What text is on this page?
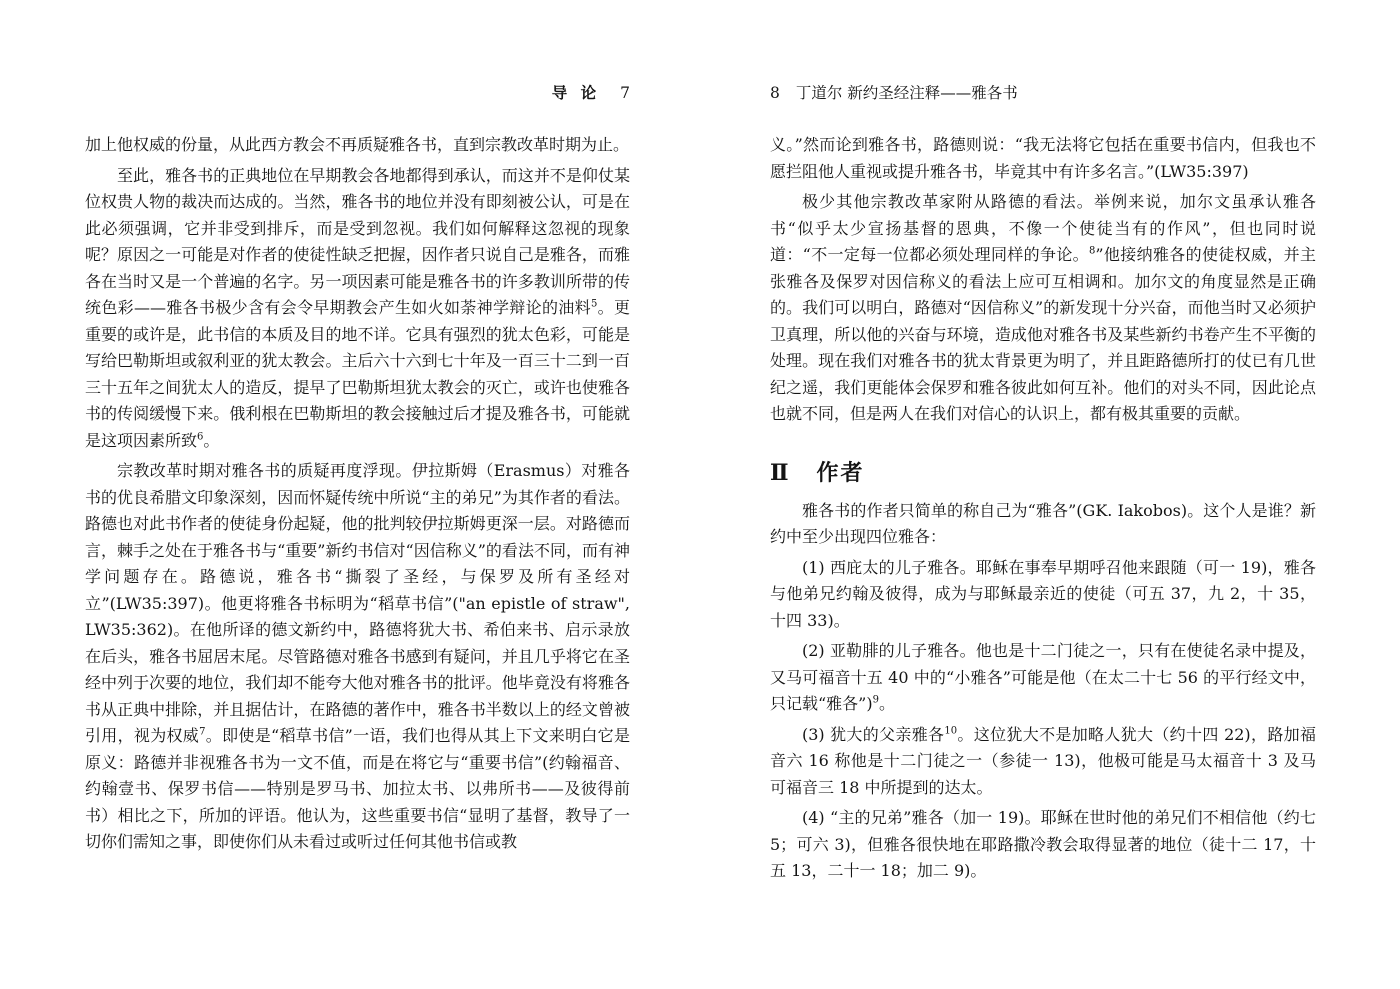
导 论 7

加上他权威的份量，从此西方教会不再质疑雅各书，直到宗教改革时期为止。

至此，雅各书的正典地位在早期教会各地都得到承认，而这并不是仰仗某位权贵人物的裁决而达成的。当然，雅各书的地位并没有即刻被公认，可是在此必须强调，它并非受到排斥，而是受到忽视。我们如何解释这忽视的现象呢？原因之一可能是对作者的使徒性缺乏把握，因作者只说自己是雅各，而雅各在当时又是一个普遍的名字。另一项因素可能是雅各书的许多教训所带的传统色彩——雅各书极少含有会令早期教会产生如火如荼神学辩论的油料$^5$。更重要的或许是，此书信的本质及目的地不详。它具有强烈的犹太色彩，可能是写给巴勒斯坦或叙利亚的犹太教会。主后六十六到七十年及一百三十二到一百三十五年之间犹太人的造反，提早了巴勒斯坦犹太教会的灭亡，或许也使雅各书的传阅缓慢下来。俄利根在巴勒斯坦的教会接触过后才提及雅各书，可能就是这项因素所致$^6$。

宗教改革时期对雅各书的质疑再度浮现。伊拉斯姆（Erasmus）对雅各书的优良希腊文印象深刻，因而怀疑传统中所说“主的弟兄”为其作者的看法。路德也对此书作者的使徒身份起疑，他的批判较伊拉斯姆更深一层。对路德而言，棘手之处在于雅各书与“重要”新约书信对“因信称义”的看法不同，而有神学问题存在。路德说，雅各书“撕裂了圣经，与保罗及所有圣经对立”(LW35:397)。他更将雅各书标明为“稻草书信”("an epistle of straw", LW35:362)。在他所译的德文新约中，路德将犹大书、希伯来书、启示录放在后头，雅各书屈居末尾。尽管路德对雅各书感到有疑问，并且几乎将它在圣经中列于次要的地位，我们却不能夸大他对雅各书的批评。他毕竟没有将雅各书从正典中排除，并且据估计，在路德的著作中，雅各书半数以上的经文曾被引用，视为权威$^7$。即使是“稻草书信”一语，我们也得从其上下文来明白它是原义：路德并非视雅各书为一文不值，而是在将它与“重要书信”(约翰福音、约翰壹书、保罗书信——特别是罗马书、加拉太书、以弗所书——及彼得前书）相比之下，所加的评语。他认为，这些重要书信“显明了基督，教导了一切你们需知之事，即使你们从未看过或听过任何其他书信或教

8 丁道尔 新约圣经注释——雅各书

义。”然而论到雅各书，路德则说：“我无法将它包括在重要书信内，但我也不愿拦阻他人重视或提升雅各书，毕竟其中有许多名言。”(LW35:397)

极少其他宗教改革家附从路德的看法。举例来说，加尔文虽承认雅各书“似乎太少宣扬基督的恩典，不像一个使徒当有的作风”，但也同时说道：“不一定每一位都必须处理同样的争论。$^8$”他接纳雅各的使徒权威，并主张雅各及保罗对因信称义的看法上应可互相调和。加尔文的角度显然是正确的。我们可以明白，路德对“因信称义”的新发现十分兴奋，而他当时又必须护卫真理，所以他的兴奋与环境，造成他对雅各书及某些新约书卷产生不平衡的处理。现在我们对雅各书的犹太背景更为明了，并且距路德所打的仗已有几世纪之遥，我们更能体会保罗和雅各彼此如何互补。他们的对头不同，因此论点也就不同，但是两人在我们对信心的认识上，都有极其重要的贡献。

Ⅱ 作者

雅各书的作者只简单的称自己为“雅各”(GK. Iakobos)。这个人是谁？新约中至少出现四位雅各：

(1) 西庇太的儿子雅各。耶稣在事奉早期呼召他来跟随（可一 19)，雅各与他弟兄约翰及彼得，成为与耶稣最亲近的使徒（可五 37，九 2，十 35，十四 33)。

(2) 亚勒腓的儿子雅各。他也是十二门徒之一，只有在使徒名录中提及，又马可福音十五 40 中的“小雅各”可能是他（在太二十七 56 的平行经文中，只记载“雅各”)$^9$。

(3) 犹大的父亲雅各$^{10}$。这位犹大不是加略人犹大（约十四 22)，路加福音六 16 称他是十二门徒之一（参徒一 13)，他极可能是马太福音十 3 及马可福音三 18 中所提到的达太。

(4) “主的兄弟”雅各（加一 19)。耶稣在世时他的弟兄们不相信他（约七 5；可六 3)，但雅各很快地在耶路撒冷教会取得显著的地位（徒十二 17，十五 13，二十一 18；加二 9)。
